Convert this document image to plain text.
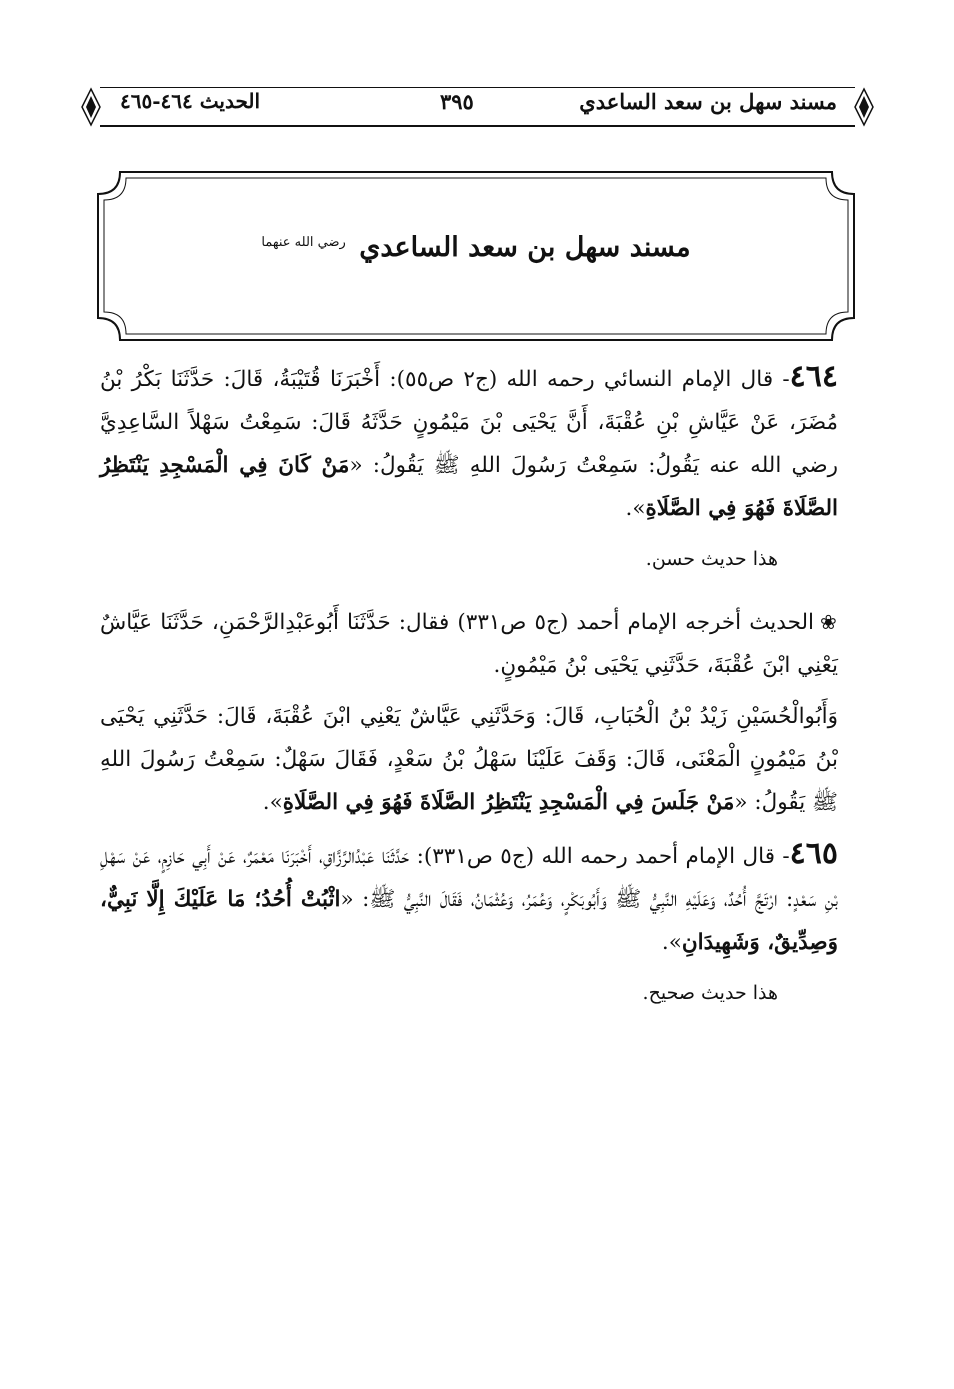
مسند سهل بن سعد الساعدي
٣٩٥
الحديث ٤٦٤-٤٦٥
مسند سهل بن سعد الساعدي $^{رضي الله عنهما}$

٤٦٤- قال الإمام النسائي رحمه الله (ج٢ ص٥٥): أَخْبَرَنَا قُتَيْبَةُ، قَالَ: حَدَّثَنَا بَكْرُ بْنُ مُضَرَ، عَنْ عَيَّاشِ بْنِ عُقْبَةَ، أَنَّ يَحْيَى بْنَ مَيْمُونٍ حَدَّثَهُ قَالَ: سَمِعْتُ سَهْلاً السَّاعِدِيَّ رضي الله عنه يَقُولُ: سَمِعْتُ رَسُولَ اللهِ ﷺ يَقُولُ: «مَنْ كَانَ فِي الْمَسْجِدِ يَنْتَظِرُ الصَّلَاةَ فَهُوَ فِي الصَّلَاةِ».

هذا حديث حسن.

❀الحديث أخرجه الإمام أحمد (ج٥ ص٣٣١) فقال: حَدَّثَنَا أَبُوعَبْدِالرَّحْمَنِ، حَدَّثَنَا عَيَّاشٌ يَعْنِي ابْنَ عُقْبَةَ، حَدَّثَنِي يَحْيَى بْنُ مَيْمُونٍ.

وَأَبُوالْحُسَيْنِ زَيْدُ بْنُ الْحُبَابِ، قَالَ: وَحَدَّثَنِي عَيَّاشٌ يَعْنِي ابْنَ عُقْبَةَ، قَالَ: حَدَّثَنِي يَحْيَى بْنُ مَيْمُونٍ الْمَعْنَى، قَالَ: وَقَفَ عَلَيْنَا سَهْلُ بْنُ سَعْدٍ، فَقَالَ سَهْلٌ: سَمِعْتُ رَسُولَ اللهِ ﷺ يَقُولُ: «مَنْ جَلَسَ فِي الْمَسْجِدِ يَنْتَظِرُ الصَّلَاةَ فَهُوَ فِي الصَّلَاةِ».

٤٦٥- قال الإمام أحمد رحمه الله (ج٥ ص٣٣١): حَدَّثَنَا عَبْدُالرَّزَّاقِ، أَخْبَرَنَا مَعْمَرٌ، عَنْ أَبِي حَازِمٍ، عَنْ سَهْلِ بْنِ سَعْدٍ: ارْتَجَّ أُحُدٌ، وَعَلَيْهِ النَّبِيُّ ﷺ وَأَبُوبَكْرٍ، وَعُمَرُ، وَعُثْمَانُ، فَقَالَ النَّبِيُّ ﷺ: «اثْبُتْ أُحُدُ؛ مَا عَلَيْكَ إِلَّا نَبِيٌّ، وَصِدِّيقٌ، وَشَهِيدَانِ».

هذا حديث صحيح.
